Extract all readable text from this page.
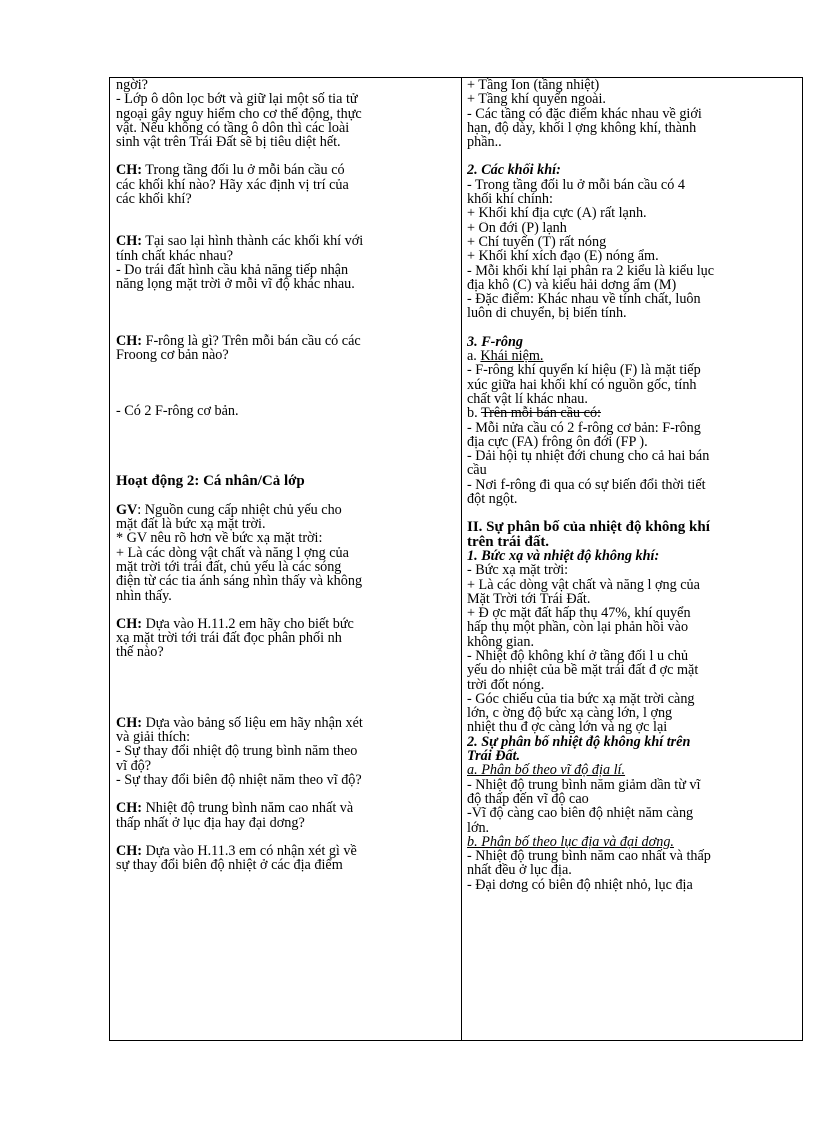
ngời?
- Lớp ô dôn lọc bớt và giữ lại một số tia tử
ngoại gây nguy hiểm cho cơ thể động, thực
vật. Nếu không có tầng ô dôn thì các loài
sinh vật trên Trái Đất sẽ bị tiêu diệt hết.
CH: Trong tầng đối lu ở mỗi bán cầu có
các khối khí nào? Hãy xác định vị trí của
các khối khí?
CH: Tại sao lại hình thành các khối khí với
tính chất khác nhau?
- Do trái đất hình cầu khả năng tiếp nhận
năng lọng mặt trời ở mỗi vĩ độ khác nhau.
CH: F-rông là gì? Trên mỗi bán cầu có các
Froong cơ bản nào?
- Có 2 F-rông cơ bản.
Hoạt động 2: Cá nhân/Cả lớp
GV: Nguồn cung cấp nhiệt chủ yếu cho
mặt đất là bức xạ mặt trời.
* GV nêu rõ hơn về bức xạ mặt trời:
+ Là các dòng vật chất và năng l ợng của
mặt trời tới trái đất, chủ yếu là các sóng
điện từ các tia ánh sáng nhìn thấy và không
nhìn thấy.
CH: Dựa vào H.11.2 em hãy cho biết bức
xạ mặt trời tới trái đất đọc phân phối nh
thế nào?
CH: Dựa vào bảng số liệu em hãy nhận xét
và giải thích:
- Sự thay đổi nhiệt độ trung bình năm theo
vĩ độ?
- Sự thay đổi biên độ nhiệt năm theo vĩ độ?
CH: Nhiệt độ trung bình năm cao nhất và
thấp nhất ở lục địa hay đại dơng?
CH: Dựa vào H.11.3 em có nhận xét gì về
sự thay đổi biên độ nhiệt ở các địa điểm
+ Tầng Ion (tầng nhiệt)
+ Tầng khí quyển ngoài.
- Các tầng có đặc điểm khác nhau về giới
hạn, độ dày, khối l ợng không khí, thành
phần..
2. Các khối khí:
- Trong tầng đối lu ở mỗi bán cầu có 4
khối khí chính:
+ Khối khí địa cực (A) rất lạnh.
+ Ôn đới (P) lạnh
+ Chí tuyến (T) rất nóng
+ Khối khí xích đạo (E) nóng ẩm.
- Mỗi khối khí lại phân ra 2 kiểu là kiểu lục
địa khô (C) và kiểu hải dơng ẩm (M)
- Đặc điểm: Khác nhau về tính chất, luôn
luôn di chuyển, bị biến tính.
3. F-rông
a. Khái niệm.
- F-rông khí quyển kí hiệu (F) là mặt tiếp
xúc giữa hai khối khí có nguồn gốc, tính
chất vật lí khác nhau.
b. Trên mỗi bán cầu có:
- Mỗi nửa cầu có 2 f-rông cơ bản: F-rông
địa cực (FA) frông ôn đới (FP ).
- Dải hội tụ nhiệt đới chung cho cả hai bán
cầu
- Nơi f-rông đi qua có sự biến đổi thời tiết
đột ngột.
II. Sự phân bố của nhiệt độ không khí
trên trái đất.
1. Bức xạ và nhiệt độ không khí:
- Bức xạ mặt trời:
+ Là các dòng vật chất và năng l ợng của
Mặt Trời tới Trái Đất.
+ Đ ợc mặt đất hấp thụ 47%, khí quyển
hấp thụ một phần, còn lại phản hồi vào
không gian.
- Nhiệt độ không khí ở tầng đối l u chủ
yếu do nhiệt của bề mặt trái đất đ ợc mặt
trời đốt nóng.
- Góc chiếu của tia bức xạ mặt trời càng
lớn, c ờng độ bức xạ càng lớn, l ợng
nhiệt thu đ ợc càng lớn và ng ợc lại
2. Sự phân bố nhiệt độ không khí trên
Trái Đất.
a. Phân bố theo vĩ độ địa lí.
- Nhiệt độ trung bình năm giảm dần từ vĩ
độ thấp đến vĩ độ cao
-Vĩ độ càng cao biên độ nhiệt năm càng
lớn.
b. Phân bố theo lục địa và đại dơng.
- Nhiệt độ trung bình năm cao nhất và thấp
nhất đều ở lục địa.
- Đại dơng có biên độ nhiệt nhỏ, lục địa
